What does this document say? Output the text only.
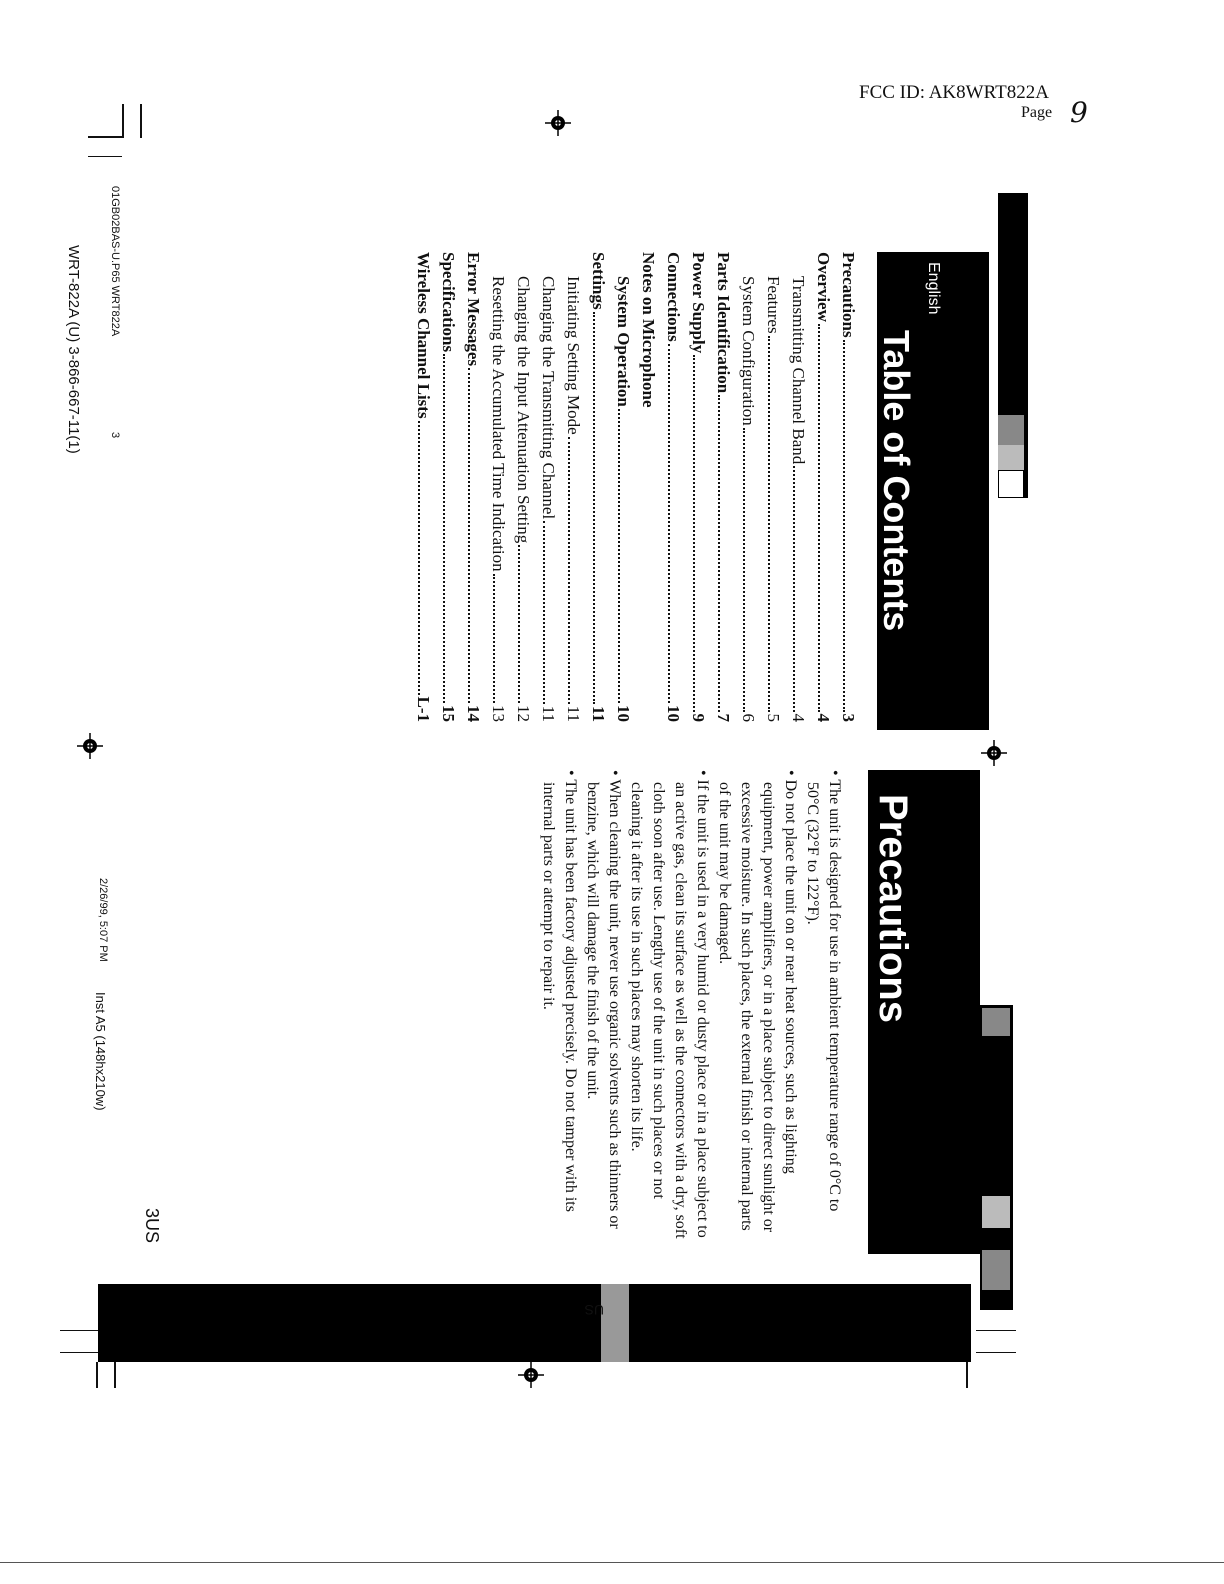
FCC ID: AK8WRT822A
Page 9
English
Table of Contents
Precautions
3
Overview
4
Transmitting Channel Band
4
Features
5
System Configuration
6
Parts Identification
7
Power Supply
9
Connections
10
Notes on Microphone
System Operation
10
Settings
11
Initiating Setting Mode
11
Changing the Transmitting Channel
11
Changing the Input Attenuation Setting
12
Resetting the Accumulated Time Indication
13
Error Messages
14
Specifications
15
Wireless Channel Lists
L-1
Precautions

• The unit is designed for use in ambient temperature range of 0°C to 50°C (32°F to 122°F).

• Do not place the unit on or near heat sources, such as lighting equipment, power amplifiers, or in a place subject to direct sunlight or excessive moisture. In such places, the external finish or internal parts of the unit may be damaged.

• If the unit is used in a very humid or dusty place or in a place subject to an active gas, clean its surface as well as the connectors with a dry, soft cloth soon after use. Lengthy use of the unit in such places or not cleaning it after its use in such places may shorten its life.

• When cleaning the unit, never use organic solvents such as thinners or benzine, which will damage the finish of the unit.

• The unit has been factory adjusted precisely. Do not tamper with its internal parts or attempt to repair it.

US
English
3US
01GB02BAS-U.P65 WRT822A
3
WRT-822A (U) 3-866-667-11(1)
2/26/99, 5:07 PM
Inst A5 (148hx210w)
